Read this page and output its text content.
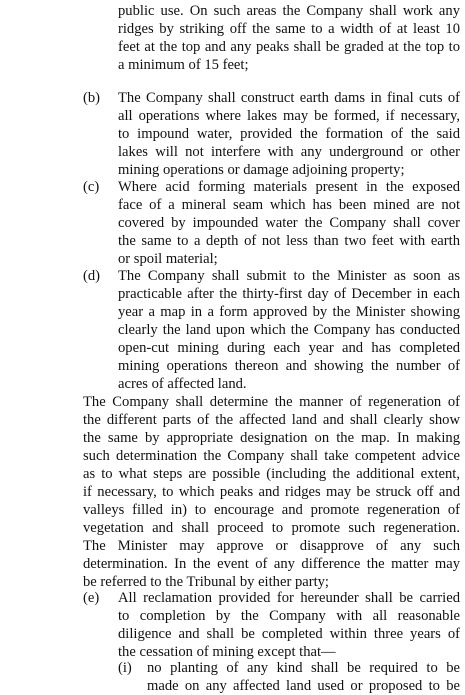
public use. On such areas the Company shall work any
ridges by striking off the same to a width of at least 10
feet at the top and any peaks shall be graded at the top to
a minimum of 15 feet;
(b) The Company shall construct earth dams in final cuts of
all operations where lakes may be formed, if necessary,
to impound water, provided the formation of the said
lakes will not interfere with any underground or other
mining operations or damage adjoining property;
(c) Where acid forming materials present in the exposed
face of a mineral seam which has been mined are not
covered by impounded water the Company shall cover
the same to a depth of not less than two feet with earth
or spoil material;
(d) The Company shall submit to the Minister as soon as
practicable after the thirty-first day of December in each
year a map in a form approved by the Minister showing
clearly the land upon which the Company has conducted
open-cut mining during each year and has completed
mining operations thereon and showing the number of
acres of affected land.
The Company shall determine the manner of regeneration of
the different parts of the affected land and shall clearly show
the same by appropriate designation on the map. In making
such determination the Company shall take competent advice
as to what steps are possible (including the additional extent,
if necessary, to which peaks and ridges may be struck off and
valleys filled in) to encourage and promote regeneration of
vegetation and shall proceed to promote such regeneration.
The Minister may approve or disapprove of any such
determination. In the event of any difference the matter may
be referred to the Tribunal by either party;
(e) All reclamation provided for hereunder shall be carried
to completion by the Company with all reasonable
diligence and shall be completed within three years of
the cessation of mining except that—
(i) no planting of any kind shall be required to be
made on any affected land used or proposed to be
